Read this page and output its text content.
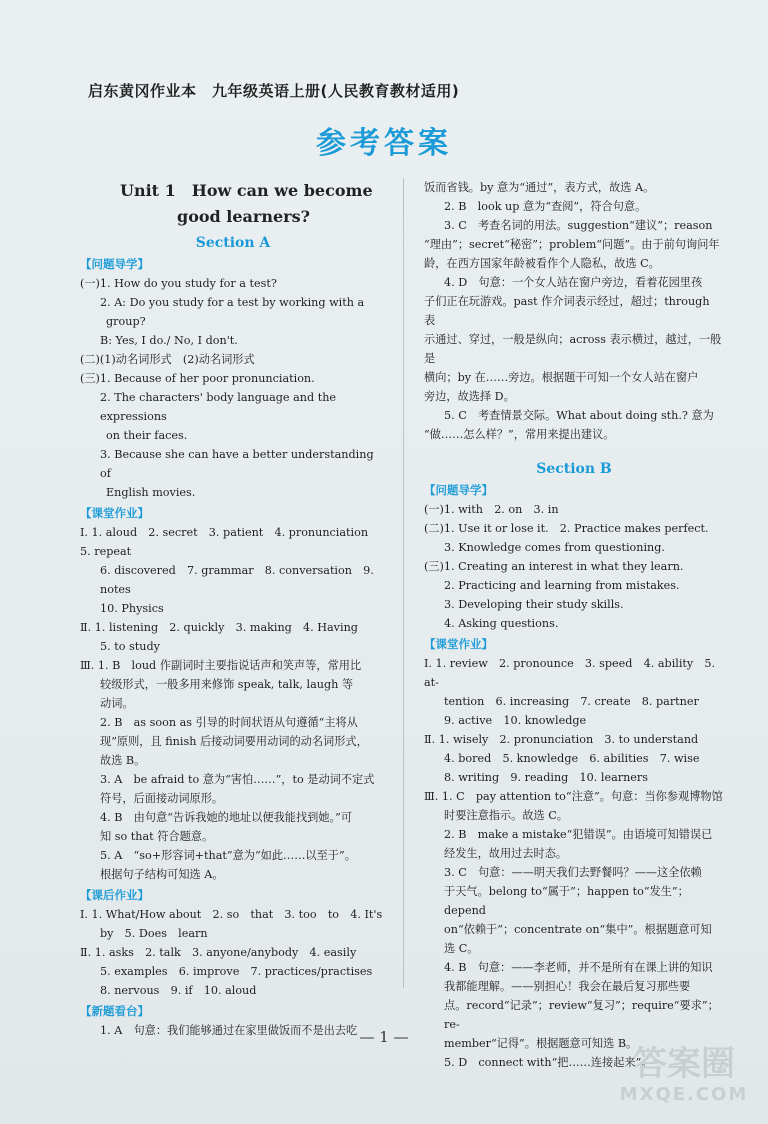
启东黄冈作业本　九年级英语上册(人民教育教材适用)
参考答案
Unit 1　How can we become
good learners?
Section A
【问题导学】
(一)1. How do you study for a test?
2. A: Do you study for a test by working with a
group?
B: Yes, I do./ No, I don't.
(二)(1)动名词形式　(2)动名词形式
(三)1. Because of her poor pronunciation.
2. The characters' body language and the expressions
on their faces.
3. Because she can have a better understanding of
English movies.
【课堂作业】
Ⅰ. 1. aloud　2. secret　3. patient　4. pronunciation　5. repeat
6. discovered　7. grammar　8. conversation　9. notes
10. Physics
Ⅱ. 1. listening　2. quickly　3. making　4. Having
5. to study
Ⅲ. 1. B　loud 作副词时主要指说话声和笑声等，常用比
较级形式，一般多用来修饰 speak, talk, laugh 等
动词。
2. B　as soon as 引导的时间状语从句遵循“主将从
现”原则，且 finish 后接动词要用动词的动名词形式，
故选 B。
3. A　be afraid to 意为“害怕……”，to 是动词不定式
符号，后面接动词原形。
4. B　由句意“告诉我她的地址以便我能找到她。”可
知 so that 符合题意。
5. A　“so+形容词+that”意为“如此……以至于”。
根据句子结构可知选 A。
【课后作业】
Ⅰ. 1. What/How about　2. so　that　3. too　to　4. It's
by　5. Does　learn
Ⅱ. 1. asks　2. talk　3. anyone/anybody　4. easily
5. examples　6. improve　7. practices/practises
8. nervous　9. if　10. aloud
【新题看台】
1. A　句意：我们能够通过在家里做饭而不是出去吃
饭而省钱。by 意为“通过”，表方式，故选 A。
2. B　look up 意为“查阅”，符合句意。
3. C　考查名词的用法。suggestion“建议”；reason
“理由”；secret“秘密”；problem“问题”。由于前句询问年
龄，在西方国家年龄被看作个人隐私，故选 C。
4. D　句意：一个女人站在窗户旁边，看着花园里孩
子们正在玩游戏。past 作介词表示经过，超过；through 表
示通过、穿过，一般是纵向；across 表示横过，越过，一般是
横向；by 在……旁边。根据题干可知一个女人站在窗户
旁边，故选择 D。
5. C　考查情景交际。What about doing sth.? 意为
“做……怎么样？”，常用来提出建议。
Section B
【问题导学】
(一)1. with　2. on　3. in
(二)1. Use it or lose it.　2. Practice makes perfect.
3. Knowledge comes from questioning.
(三)1. Creating an interest in what they learn.
2. Practicing and learning from mistakes.
3. Developing their study skills.
4. Asking questions.
【课堂作业】
Ⅰ. 1. review　2. pronounce　3. speed　4. ability　5. at-
tention　6. increasing　7. create　8. partner
9. active　10. knowledge
Ⅱ. 1. wisely　2. pronunciation　3. to understand
4. bored　5. knowledge　6. abilities　7. wise
8. writing　9. reading　10. learners
Ⅲ. 1. C　pay attention to“注意”。句意：当你参观博物馆
时要注意指示。故选 C。
2. B　make a mistake“犯错误”。由语境可知错误已
经发生，故用过去时态。
3. C　句意：——明天我们去野餐吗？——这全依赖
于天气。belong to“属于”；happen to“发生”；depend
on“依赖于”；concentrate on“集中”。根据题意可知
选 C。
4. B　句意：——李老师，并不是所有在课上讲的知识
我都能理解。——别担心！我会在最后复习那些要
点。record“记录”；review“复习”；require“要求”；re-
member“记得”。根据题意可知选 B。
5. D　connect with“把……连接起来”。
— 1 —
答案圈
MXQE.COM
